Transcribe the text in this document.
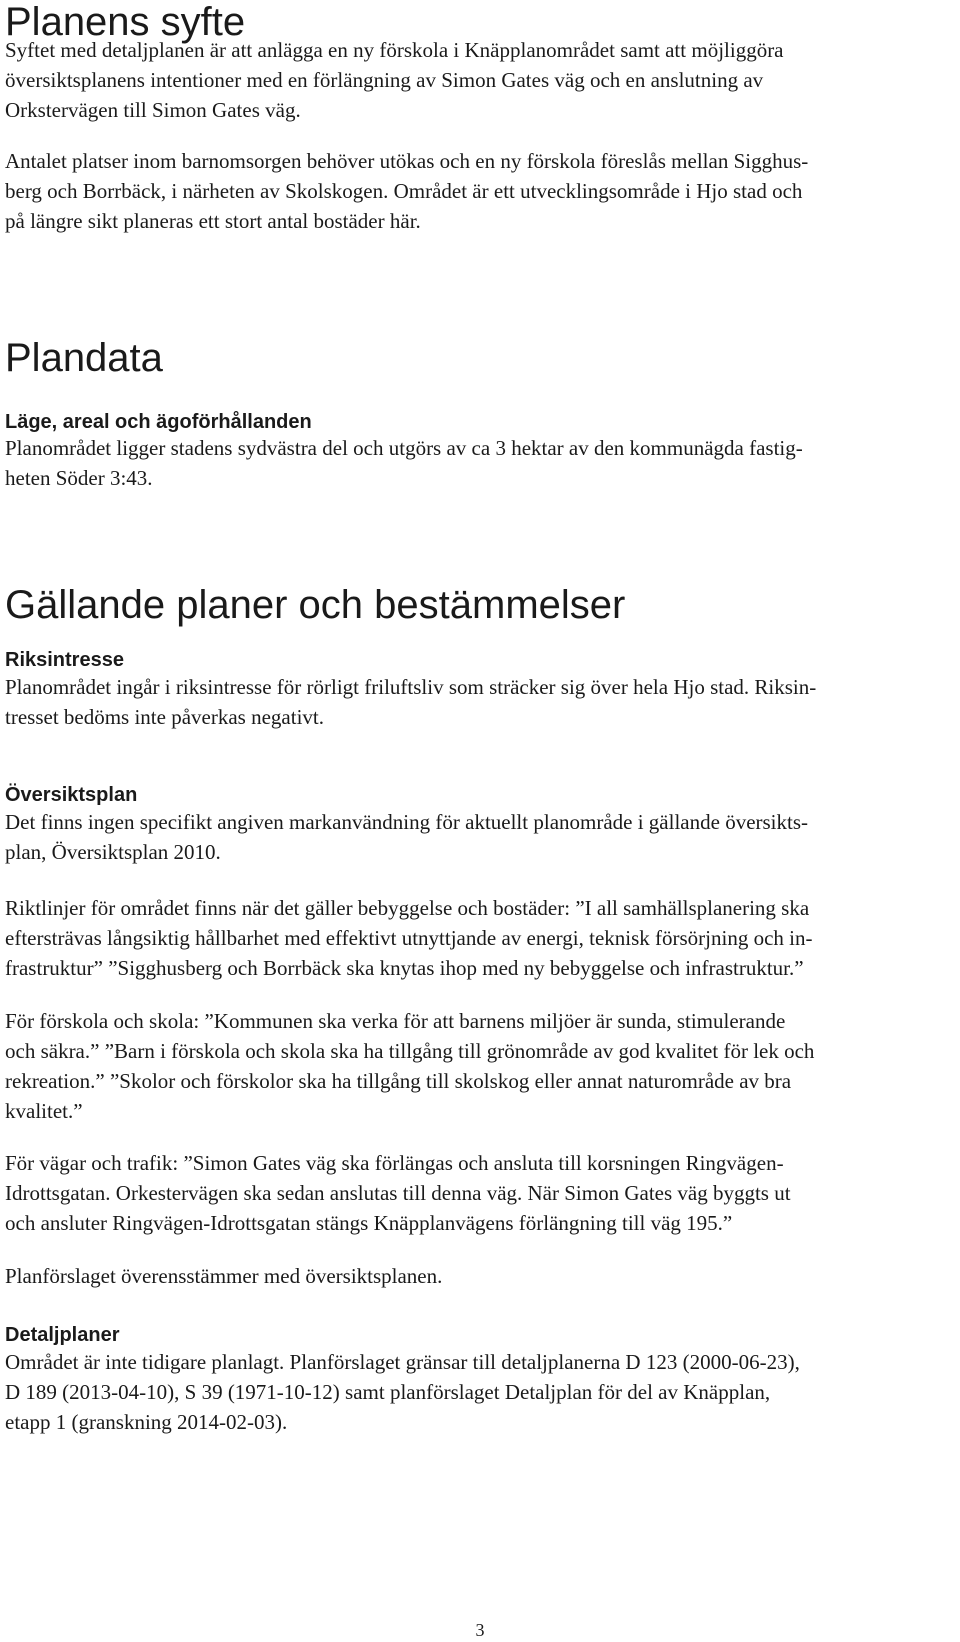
Planens syfte

Syftet med detaljplanen är att anlägga en ny förskola i Knäpplanområdet samt att möjliggöra
översiktsplanens intentioner med en förlängning av Simon Gates väg och en anslutning av
Orkstervägen till Simon Gates väg.

Antalet platser inom barnomsorgen behöver utökas och en ny förskola föreslås mellan Sigghus-
berg och Borrbäck, i närheten av Skolskogen. Området är ett utvecklingsområde i Hjo stad och
på längre sikt planeras ett stort antal bostäder här.

Plandata
Läge, areal och ägoförhållanden

Planområdet ligger stadens sydvästra del och utgörs av ca 3 hektar av den kommunägda fastig-
heten Söder 3:43.

Gällande planer och bestämmelser
Riksintresse

Planområdet ingår i riksintresse för rörligt friluftsliv som sträcker sig över hela Hjo stad. Riksin-
tresset bedöms inte påverkas negativt.

Översiktsplan

Det finns ingen specifikt angiven markanvändning för aktuellt planområde i gällande översikts-
plan, Översiktsplan 2010.

Riktlinjer för området finns när det gäller bebyggelse och bostäder: ”I all samhällsplanering ska
eftersträvas långsiktig hållbarhet med effektivt utnyttjande av energi, teknisk försörjning och in-
frastruktur” ”Sigghusberg och Borrbäck ska knytas ihop med ny bebyggelse och infrastruktur.”

För förskola och skola: ”Kommunen ska verka för att barnens miljöer är sunda, stimulerande
och säkra.” ”Barn i förskola och skola ska ha tillgång till grönområde av god kvalitet för lek och
rekreation.” ”Skolor och förskolor ska ha tillgång till skolskog eller annat naturområde av bra
kvalitet.”

För vägar och trafik: ”Simon Gates väg ska förlängas och ansluta till korsningen Ringvägen-
Idrottsgatan. Orkestervägen ska sedan anslutas till denna väg. När Simon Gates väg byggts ut
och ansluter Ringvägen-Idrottsgatan stängs Knäpplanvägens förlängning till väg 195.”

Planförslaget överensstämmer med översiktsplanen.

Detaljplaner

Området är inte tidigare planlagt. Planförslaget gränsar till detaljplanerna D 123 (2000-06-23),
D 189 (2013-04-10), S 39 (1971-10-12) samt planförslaget Detaljplan för del av Knäpplan,
etapp 1 (granskning 2014-02-03).

3
